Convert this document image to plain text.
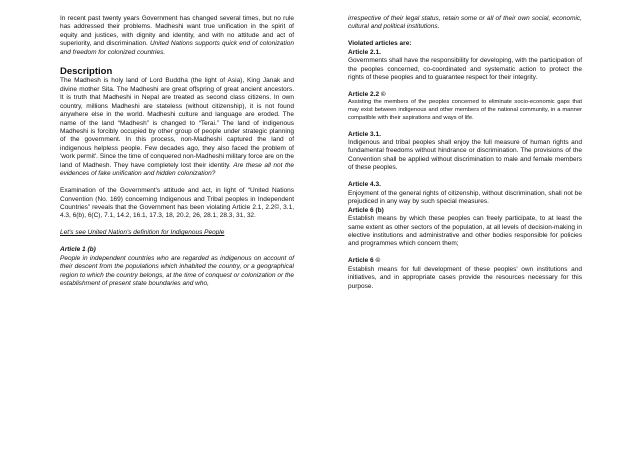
In recent past twenty years Government has changed several times, but no rule has addressed their problems. Madheshi want true unification in the spirit of equity and justices, with dignity and identity, and with no attitude and act of superiority, and discrimination. United Nations supports quick end of colonization and freedom for colonized countries.

Description

The Madhesh is holy land of Lord Buddha (the light of Asia), King Janak and divine mother Sita. The Madheshi are great offspring of great ancient ancestors. It is truth that Madheshi in Nepal are treated as second class citizens. In own country, millions Madheshi are stateless (without citizenship), it is not found anywhere else in the world. Madheshi culture and language are eroded. The name of the land “Madhesh” is changed to “Terai.” The land of indigenous Madheshi is forcibly occupied by other group of people under strategic planning of the government. In this process, non-Madheshi captured the land of indigenous helpless people. Few decades ago, they also faced the problem of 'work permit'. Since the time of conquered non-Madheshi military force are on the land of Madhesh. They have completely lost their identity. Are these all not the evidences of fake unification and hidden colonization?

Examination of the Government's attitude and act, in light of “United Nations Convention (No. 169) concerning Indigenous and Tribal peoples in Independent Countries” reveals that the Government has been violating Article 2.1, 2.2©, 3.1, 4.3, 6(b), 6(C), 7.1, 14.2, 16.1, 17.3, 18, 20.2, 26, 28.1, 28.3, 31, 32.

Let's see United Nation's definition for Indigenous People

Article 1 (b)

People in independent countries who are regarded as indigenous on account of their descent from the populations which inhabited the country, or a geographical region to which the country belongs, at the time of conquest or colonization or the establishment of present state boundaries and who,

irrespective of their legal status, retain some or all of their own social, economic, cultural and political institutions.

Violated articles are:

Article 2.1.

Governments shall have the responsibility for developing, with the participation of the peoples concerned, co-coordinated and systematic action to protect the rights of these peoples and to guarantee respect for their integrity.

Article 2.2 ©

Assisting the members of the peoples concerned to eliminate socio-economic gaps that may exist between indigenous and other members of the national community, in a manner compatible with their aspirations and ways of life.

Article 3.1.

Indigenous and tribal peoples shall enjoy the full measure of human rights and fundamental freedoms without hindrance or discrimination. The provisions of the Convention shall be applied without discrimination to male and female members of these peoples.

Article 4.3.

Enjoyment of the general rights of citizenship, without discrimination, shall not be prejudiced in any way by such special measures.

Article 6 (b)

Establish means by which these peoples can freely participate, to at least the same extent as other sectors of the population, at all levels of decision-making in elective institutions and administrative and other bodies responsible for policies and programmes which concern them;

Article 6 ©

Establish means for full development of these peoples' own institutions and initiatives, and in appropriate cases provide the resources necessary for this purpose.
